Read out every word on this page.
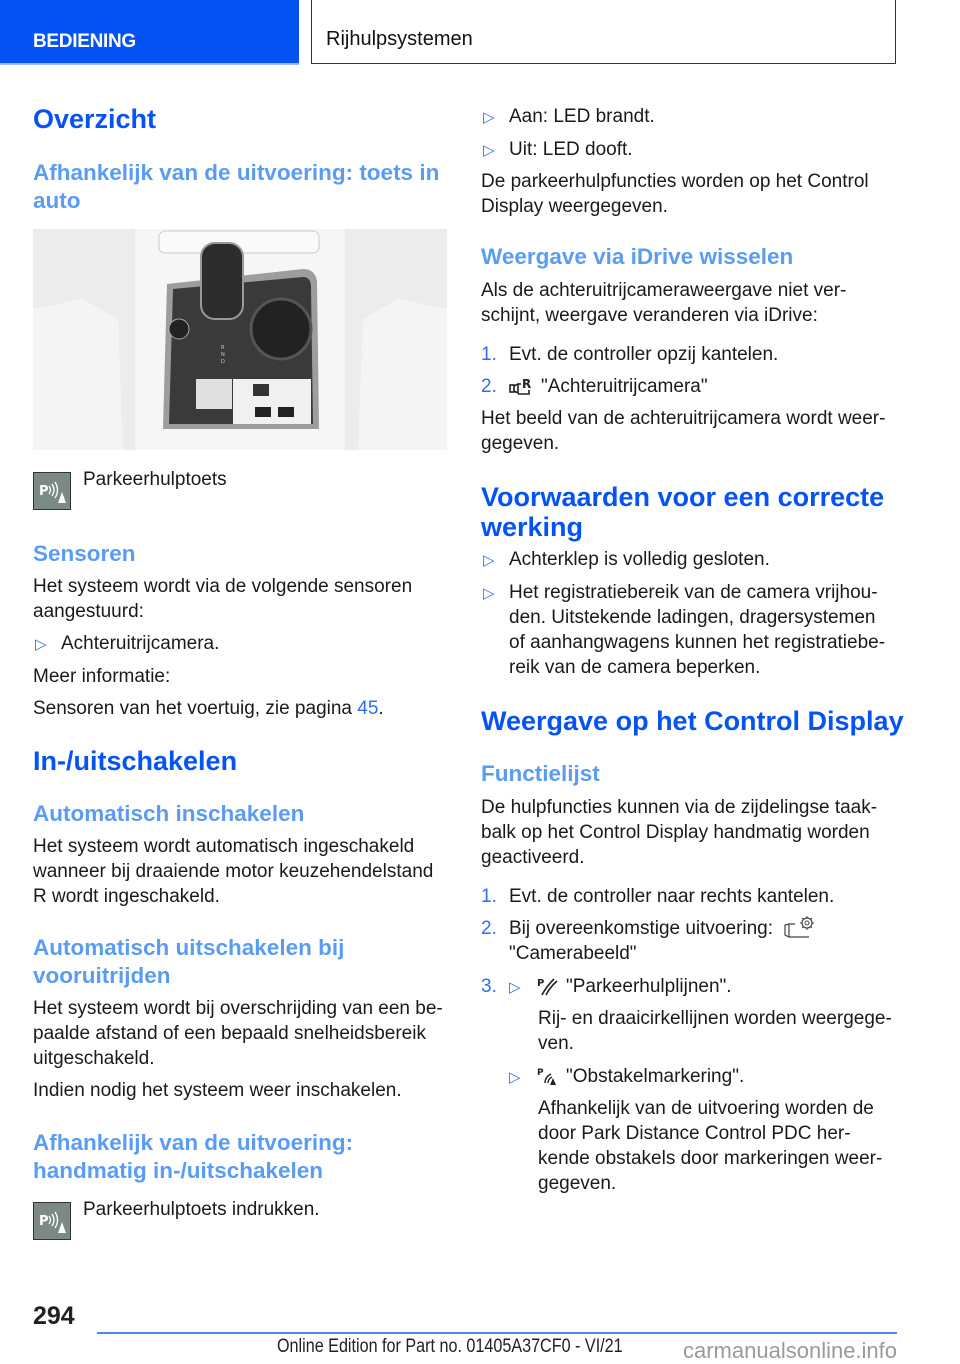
BEDIENING	Rijhulpsystemen
Overzicht
Afhankelijk van de uitvoering: toets in auto
R
N
D
P
Parkeerhulptoets
Sensoren
Het systeem wordt via de volgende sensoren
aangestuurd:
▷ Achteruitrijcamera.
Meer informatie:
Sensoren van het voertuig, zie pagina 45.
In-/uitschakelen
Automatisch inschakelen
Het systeem wordt automatisch ingeschakeld
wanneer bij draaiende motor keuzehendelstand
R wordt ingeschakeld.
Automatisch uitschakelen bij
vooruitrijden
Het systeem wordt bij overschrijding van een be-
paalde afstand of een bepaald snelheidsbereik
uitgeschakeld.
Indien nodig het systeem weer inschakelen.
Afhankelijk van de uitvoering:
handmatig in-/uitschakelen
P
Parkeerhulptoets indrukken.
▷ Aan: LED brandt.
▷ Uit: LED dooft.
De parkeerhulpfuncties worden op het Control
Display weergegeven.
Weergave via iDrive wisselen
Als de achteruitrijcameraweergave niet ver-
schijnt, weergave veranderen via iDrive:
1. Evt. de controller opzij kantelen.
2. R "Achteruitrijcamera"
Het beeld van de achteruitrijcamera wordt weer-
gegeven.
Voorwaarden voor een correcte
werking
▷ Achterklep is volledig gesloten.
▷ Het registratiebereik van de camera vrijhou-
den. Uitstekende ladingen, dragersystemen
of aanhangwagens kunnen het registratiebe-
reik van de camera beperken.
Weergave op het Control Display
Functielijst
De hulpfuncties kunnen via de zijdelingse taak-
balk op het Control Display handmatig worden
geactiveerd.
1. Evt. de controller naar rechts kantelen.
2. Bij overeenkomstige uitvoering:
"Camerabeeld"
3. ▷ P "Parkeerhulplijnen".
Rij- en draaicirkellijnen worden weergege-
ven.
▷ P "Obstakelmarkering".
Afhankelijk van de uitvoering worden de
door Park Distance Control PDC her-
kende obstakels door markeringen weer-
gegeven.
294
Online Edition for Part no. 01405A37CF0 - VI/21	carmanualsonline.info
